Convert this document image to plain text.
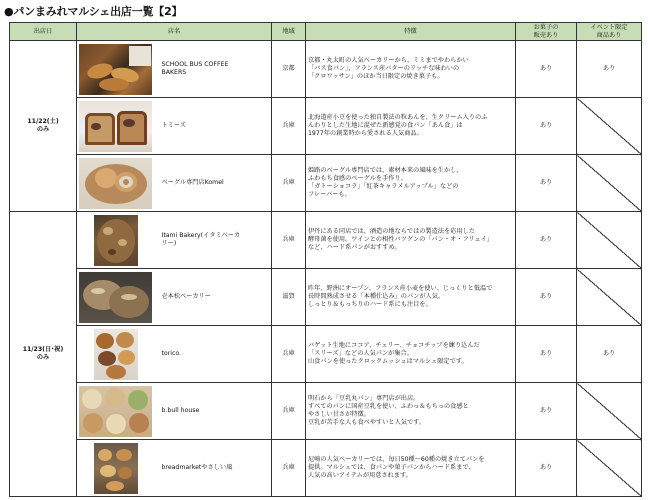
●パンまみれマルシェ出店一覧【2】
出店日	店名		地域	特徴	お菓子の
販売あり	イベント限定
商品あり
11/22(土)
のみ		SCHOOL BUS COFFEE
BAKERS	京都	京都・丸太町の人気ベーカリーから、ミミまでやわらかい
「バス食パン」、フランス産バターのリッチな味わいの
「クロワッサン」のほか当日限定の焼き菓子も。	あり	あり

		トミーズ	兵庫	北海道産小豆を使った独自製法の粒あんを、生クリーム入りのふ
んわりとした生地に混ぜた新感覚の食パン「あん食」は
1977年の創業時から愛される人気商品。	あり	

		ベーグル専門店Komel	兵庫	姫路のベーグル専門店では、素材本来の風味を生かし、
ふわもち食感のベーグルを手作り。
「ガトーショコラ」「紅茶キャラメルアップル」などの
フレーバーも。	あり	
11/23(日･祝)
のみ		Itami Bakery(イタミベーカ
リー)	兵庫	伊丹にある同店では、酒造の地ならではの製造法を応用した
酵母菌を使用。ワインとの相性バツグンの「パン・オ・フリュイ」
など、ハード系パンがおすすめ。	あり	

		壱本松ベーカリー	滋賀	昨年、野洲にオープン。フランス産小麦を使い、じっくりと低温で
長時間熟成させる「本種仕込み」のパンが人気。
しっとり＆もっちりのハード系にも注目を。	あり	

		torico.	兵庫	バゲット生地にココア、チェリー、チョコチップを練り込んだ
「スリーズ」などの人気パンが集合。
山食パンを使ったクロックムッシュはマルシェ限定です。	あり	あり

		b.bull house	兵庫	明石から「豆乳丸パン」専門店が出店。
すべてのパンに国産豆乳を使い、ふわっ＆もちっの食感と
やさしい甘さが特徴。
豆乳が苦手な人も食べやすいと人気です。	あり	

		breadmarketやさしい風	兵庫	尼崎の人気ベーカリーでは、毎日50種～60種の焼き立てパンを
提供。マルシェでは、食パンや菓子パンからハード系まで、
人気の高いアイテムが用意されます。	あり	
